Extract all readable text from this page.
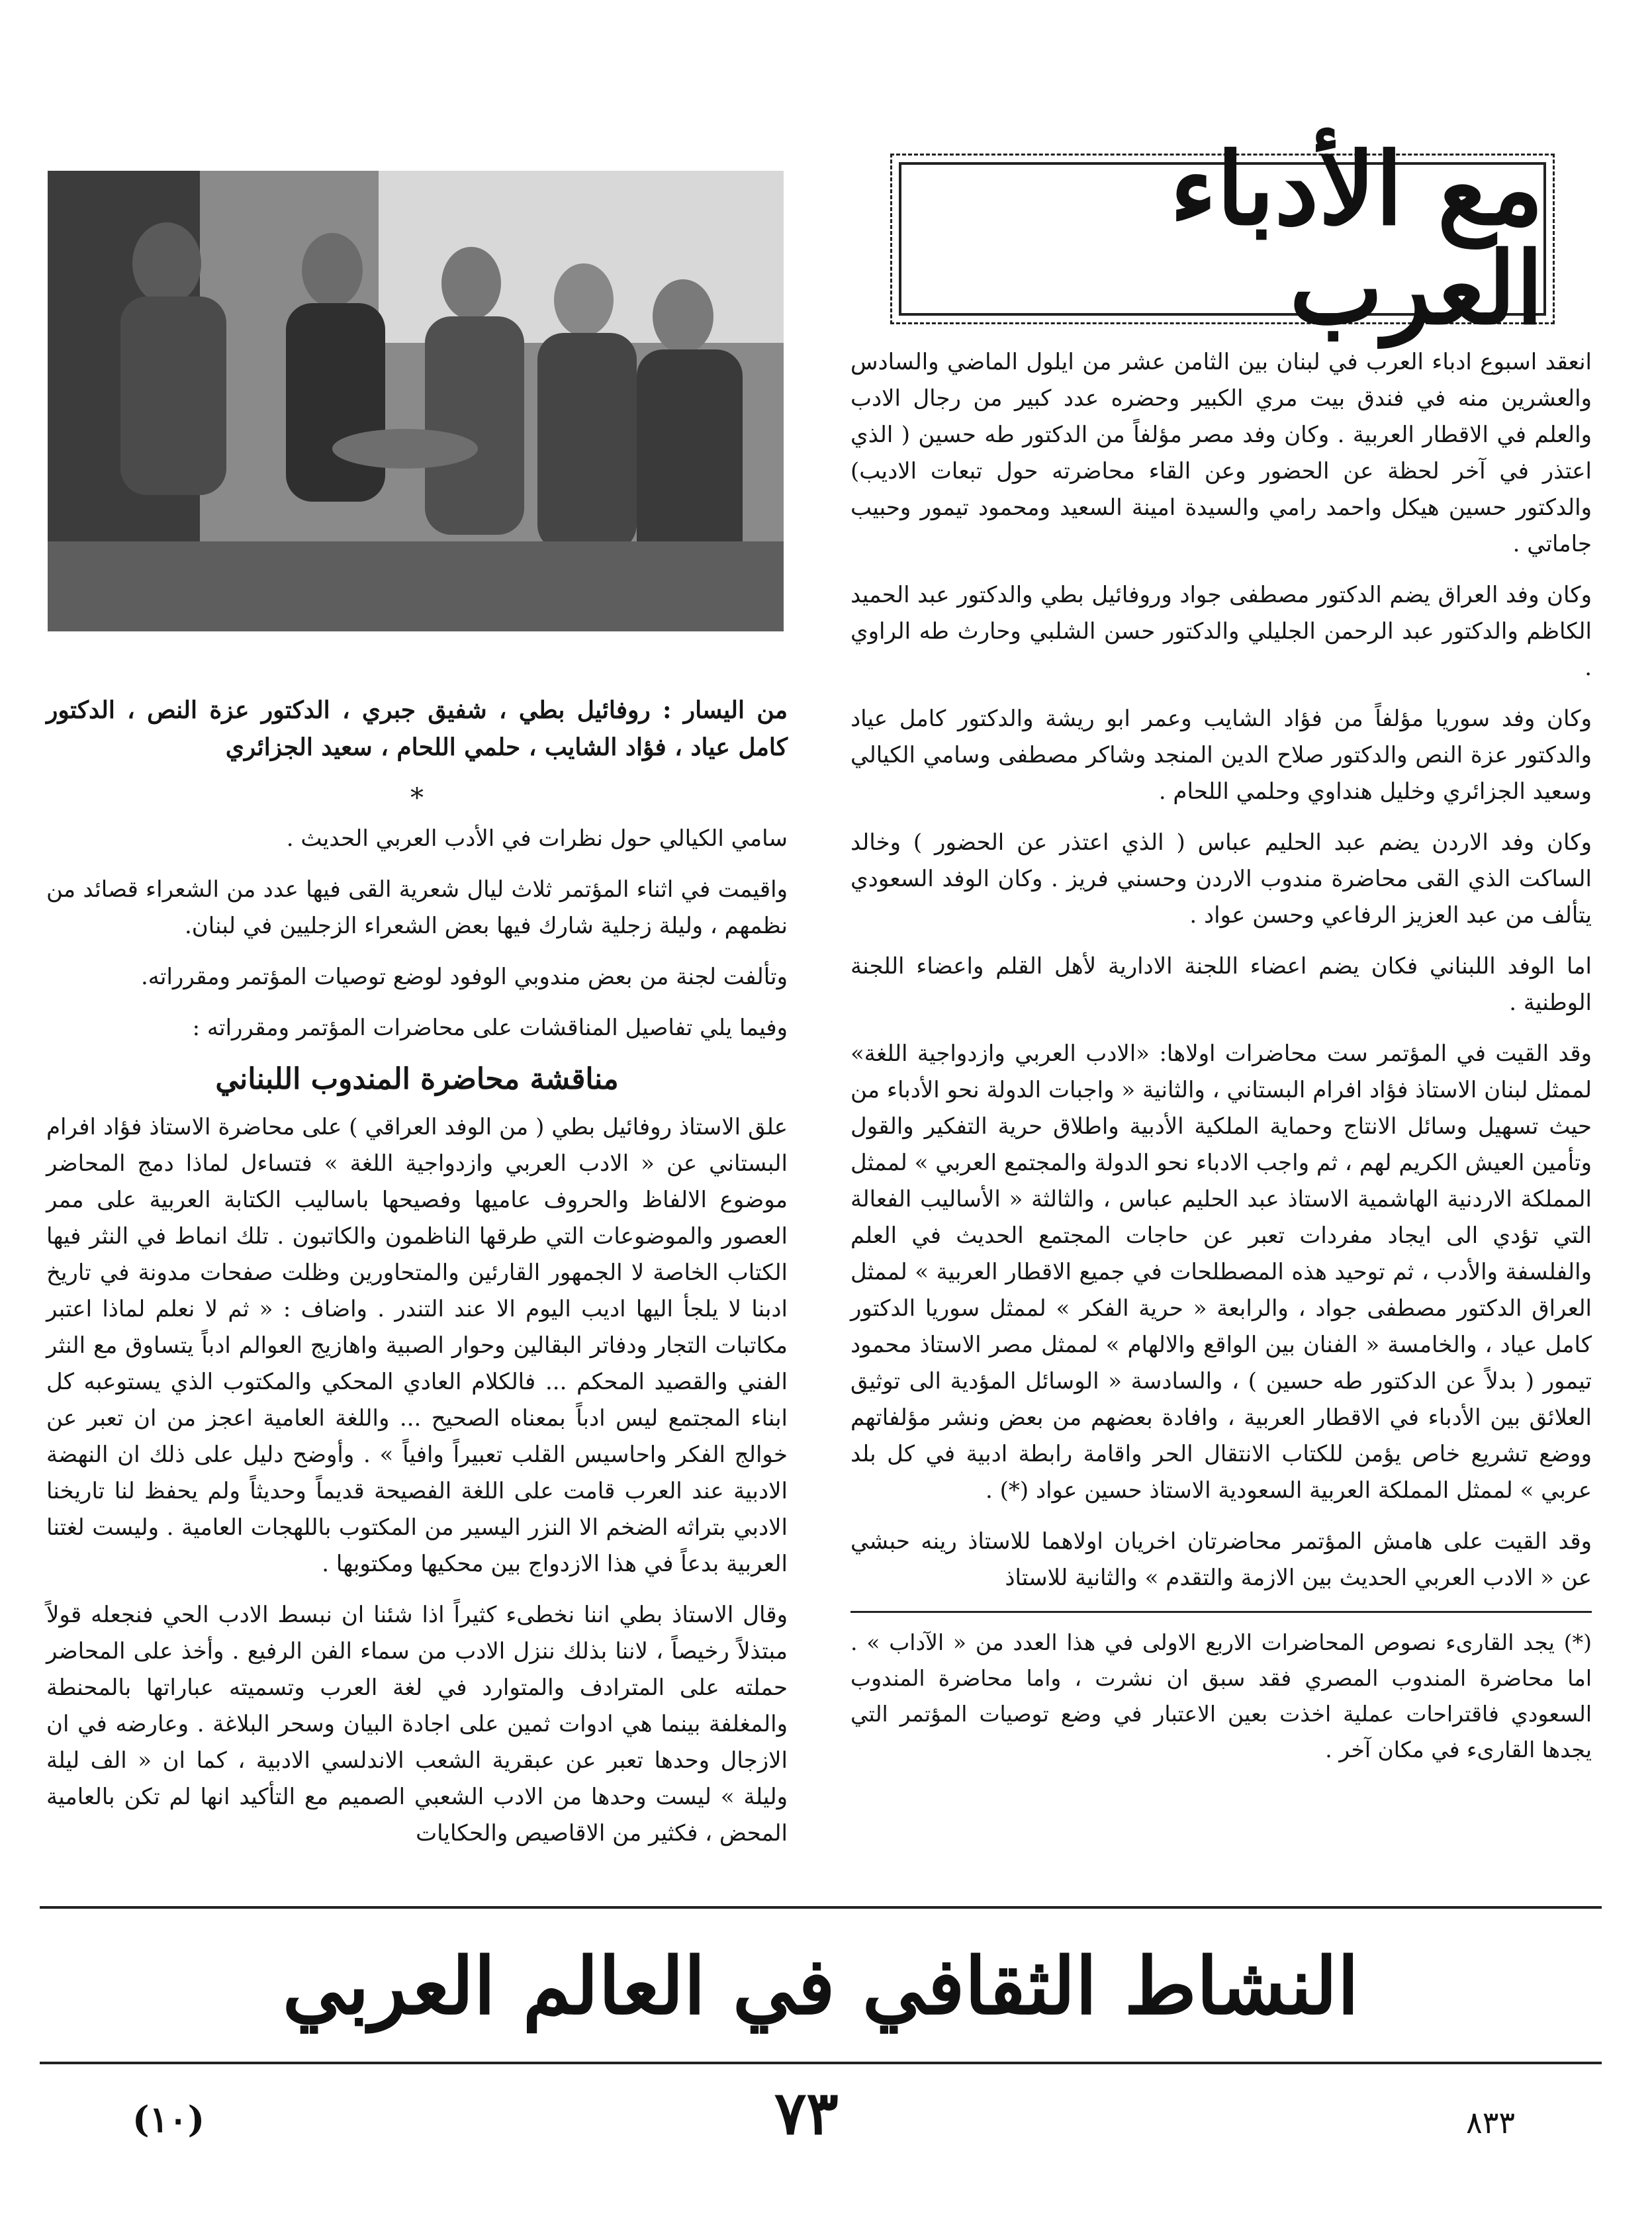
مع الأدباء العرب

انعقد اسبوع ادباء العرب في لبنان بين الثامن عشر من ايلول الماضي والسادس والعشرين منه في فندق بيت مري الكبير وحضره عدد كبير من رجال الادب والعلم في الاقطار العربية . وكان وفد مصر مؤلفاً من الدكتور طه حسين ( الذي اعتذر في آخر لحظة عن الحضور وعن القاء محاضرته حول تبعات الاديب) والدكتور حسين هيكل واحمد رامي والسيدة امينة السعيد ومحمود تيمور وحبيب جاماتي .

وكان وفد العراق يضم الدكتور مصطفى جواد وروفائيل بطي والدكتور عبد الحميد الكاظم والدكتور عبد الرحمن الجليلي والدكتور حسن الشلبي وحارث طه الراوي .

وكان وفد سوريا مؤلفاً من فؤاد الشايب وعمر ابو ريشة والدكتور كامل عياد والدكتور عزة النص والدكتور صلاح الدين المنجد وشاكر مصطفى وسامي الكيالي وسعيد الجزائري وخليل هنداوي وحلمي اللحام .

وكان وفد الاردن يضم عبد الحليم عباس ( الذي اعتذر عن الحضور ) وخالد الساكت الذي القى محاضرة مندوب الاردن وحسني فريز . وكان الوفد السعودي يتألف من عبد العزيز الرفاعي وحسن عواد .

اما الوفد اللبناني فكان يضم اعضاء اللجنة الادارية لأهل القلم واعضاء اللجنة الوطنية .

وقد القيت في المؤتمر ست محاضرات اولاها: «الادب العربي وازدواجية اللغة» لممثل لبنان الاستاذ فؤاد افرام البستاني ، والثانية « واجبات الدولة نحو الأدباء من حيث تسهيل وسائل الانتاج وحماية الملكية الأدبية واطلاق حرية التفكير والقول وتأمين العيش الكريم لهم ، ثم واجب الادباء نحو الدولة والمجتمع العربي » لممثل المملكة الاردنية الهاشمية الاستاذ عبد الحليم عباس ، والثالثة « الأساليب الفعالة التي تؤدي الى ايجاد مفردات تعبر عن حاجات المجتمع الحديث في العلم والفلسفة والأدب ، ثم توحيد هذه المصطلحات في جميع الاقطار العربية » لممثل العراق الدكتور مصطفى جواد ، والرابعة « حرية الفكر » لممثل سوريا الدكتور كامل عياد ، والخامسة « الفنان بين الواقع والالهام » لممثل مصر الاستاذ محمود تيمور ( بدلاً عن الدكتور طه حسين ) ، والسادسة « الوسائل المؤدية الى توثيق العلائق بين الأدباء في الاقطار العربية ، وافادة بعضهم من بعض ونشر مؤلفاتهم ووضع تشريع خاص يؤمن للكتاب الانتقال الحر واقامة رابطة ادبية في كل بلد عربي » لممثل المملكة العربية السعودية الاستاذ حسين عواد (*) .

وقد القيت على هامش المؤتمر محاضرتان اخريان اولاهما للاستاذ رينه حبشي عن « الادب العربي الحديث بين الازمة والتقدم » والثانية للاستاذ

(*) يجد القارىء نصوص المحاضرات الاربع الاولى في هذا العدد من « الآداب » . اما محاضرة المندوب المصري فقد سبق ان نشرت ، واما محاضرة المندوب السعودي فاقتراحات عملية اخذت بعين الاعتبار في وضع توصيات المؤتمر التي يجدها القارىء في مكان آخر .

من اليسار : روفائيل بطي ، شفيق جبري ، الدكتور عزة النص ، الدكتور كامل عياد ، فؤاد الشايب ، حلمي اللحام ، سعيد الجزائري

*

سامي الكيالي حول نظرات في الأدب العربي الحديث .

واقيمت في اثناء المؤتمر ثلاث ليال شعرية القى فيها عدد من الشعراء قصائد من نظمهم ، وليلة زجلية شارك فيها بعض الشعراء الزجليين في لبنان.

وتألفت لجنة من بعض مندوبي الوفود لوضع توصيات المؤتمر ومقرراته.

وفيما يلي تفاصيل المناقشات على محاضرات المؤتمر ومقرراته :

مناقشة محاضرة المندوب اللبناني

علق الاستاذ روفائيل بطي ( من الوفد العراقي ) على محاضرة الاستاذ فؤاد افرام البستاني عن « الادب العربي وازدواجية اللغة » فتساءل لماذا دمج المحاضر موضوع الالفاظ والحروف عاميها وفصيحها باساليب الكتابة العربية على ممر العصور والموضوعات التي طرقها الناظمون والكاتبون . تلك انماط في النثر فيها الكتاب الخاصة لا الجمهور القارئين والمتحاورين وظلت صفحات مدونة في تاريخ ادبنا لا يلجأ اليها اديب اليوم الا عند التندر . واضاف : « ثم لا نعلم لماذا اعتبر مكاتبات التجار ودفاتر البقالين وحوار الصبية واهازيج العوالم ادباً يتساوق مع النثر الفني والقصيد المحكم ... فالكلام العادي المحكي والمكتوب الذي يستوعبه كل ابناء المجتمع ليس ادباً بمعناه الصحيح ... واللغة العامية اعجز من ان تعبر عن خوالج الفكر واحاسيس القلب تعبيراً وافياً » . وأوضح دليل على ذلك ان النهضة الادبية عند العرب قامت على اللغة الفصيحة قديماً وحديثاً ولم يحفظ لنا تاريخنا الادبي بتراثه الضخم الا النزر اليسير من المكتوب باللهجات العامية . وليست لغتنا العربية بدعاً في هذا الازدواج بين محكيها ومكتوبها .

وقال الاستاذ بطي اننا نخطىء كثيراً اذا شئنا ان نبسط الادب الحي فنجعله قولاً مبتذلاً رخيصاً ، لاننا بذلك ننزل الادب من سماء الفن الرفيع . وأخذ على المحاضر حملته على المترادف والمتوارد في لغة العرب وتسميته عباراتها بالمحنطة والمغلفة بينما هي ادوات ثمين على اجادة البيان وسحر البلاغة . وعارضه في ان الازجال وحدها تعبر عن عبقرية الشعب الاندلسي الادبية ، كما ان « الف ليلة وليلة » ليست وحدها من الادب الشعبي الصميم مع التأكيد انها لم تكن بالعامية المحض ، فكثير من الاقاصيص والحكايات

النشاط الثقافي في العالم العربي
٧٣
(١٠)	٨٣٣
